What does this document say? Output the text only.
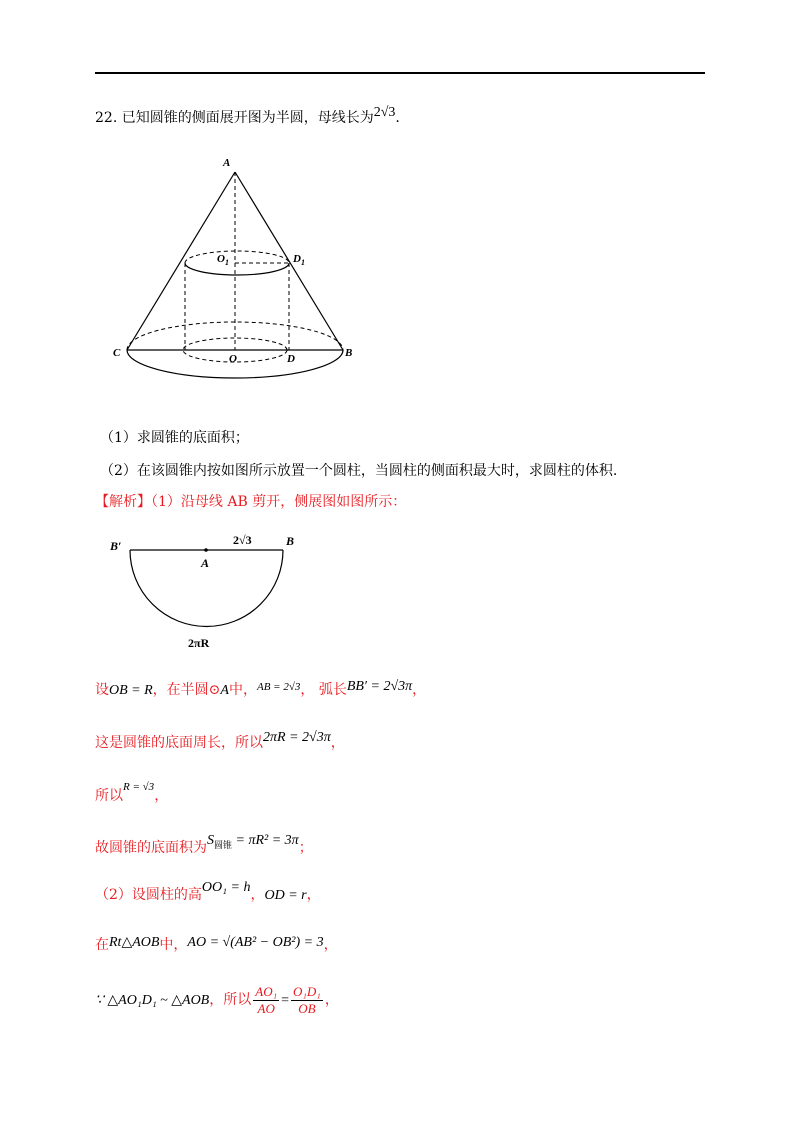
22. 已知圆锥的侧面展开图为半圆，母线长为2√3.
A
$O_1$	$D_1$
C	O	D	B
（1）求圆锥的底面积；
（2）在该圆锥内按如图所示放置一个圆柱，当圆柱的侧面积最大时，求圆柱的体积.
【解析】（1）沿母线 AB 剪开，侧展图如图所示：
B′	B
A
2√3
2πR
设OB = R，在半圆⊙A中，$^{AB = 2√3}$， 弧长BB′ = 2√3π，
这是圆锥的底面周长，所以2πR = 2√3π，
所以$^{R = √3}$，
故圆锥的底面积为$S_{圆锥} = \pi R^2 = 3\pi$；
（2）设圆柱的高OO₁ = h，OD = r，
在Rt△AOB中，AO = √(AB² − OB²) = 3，
∵ △AO₁D₁ ~ △AOB，所以 $\frac{\text{AO₁}}{AO} = \frac{\text{O₁D₁}}{OB}$ ，
